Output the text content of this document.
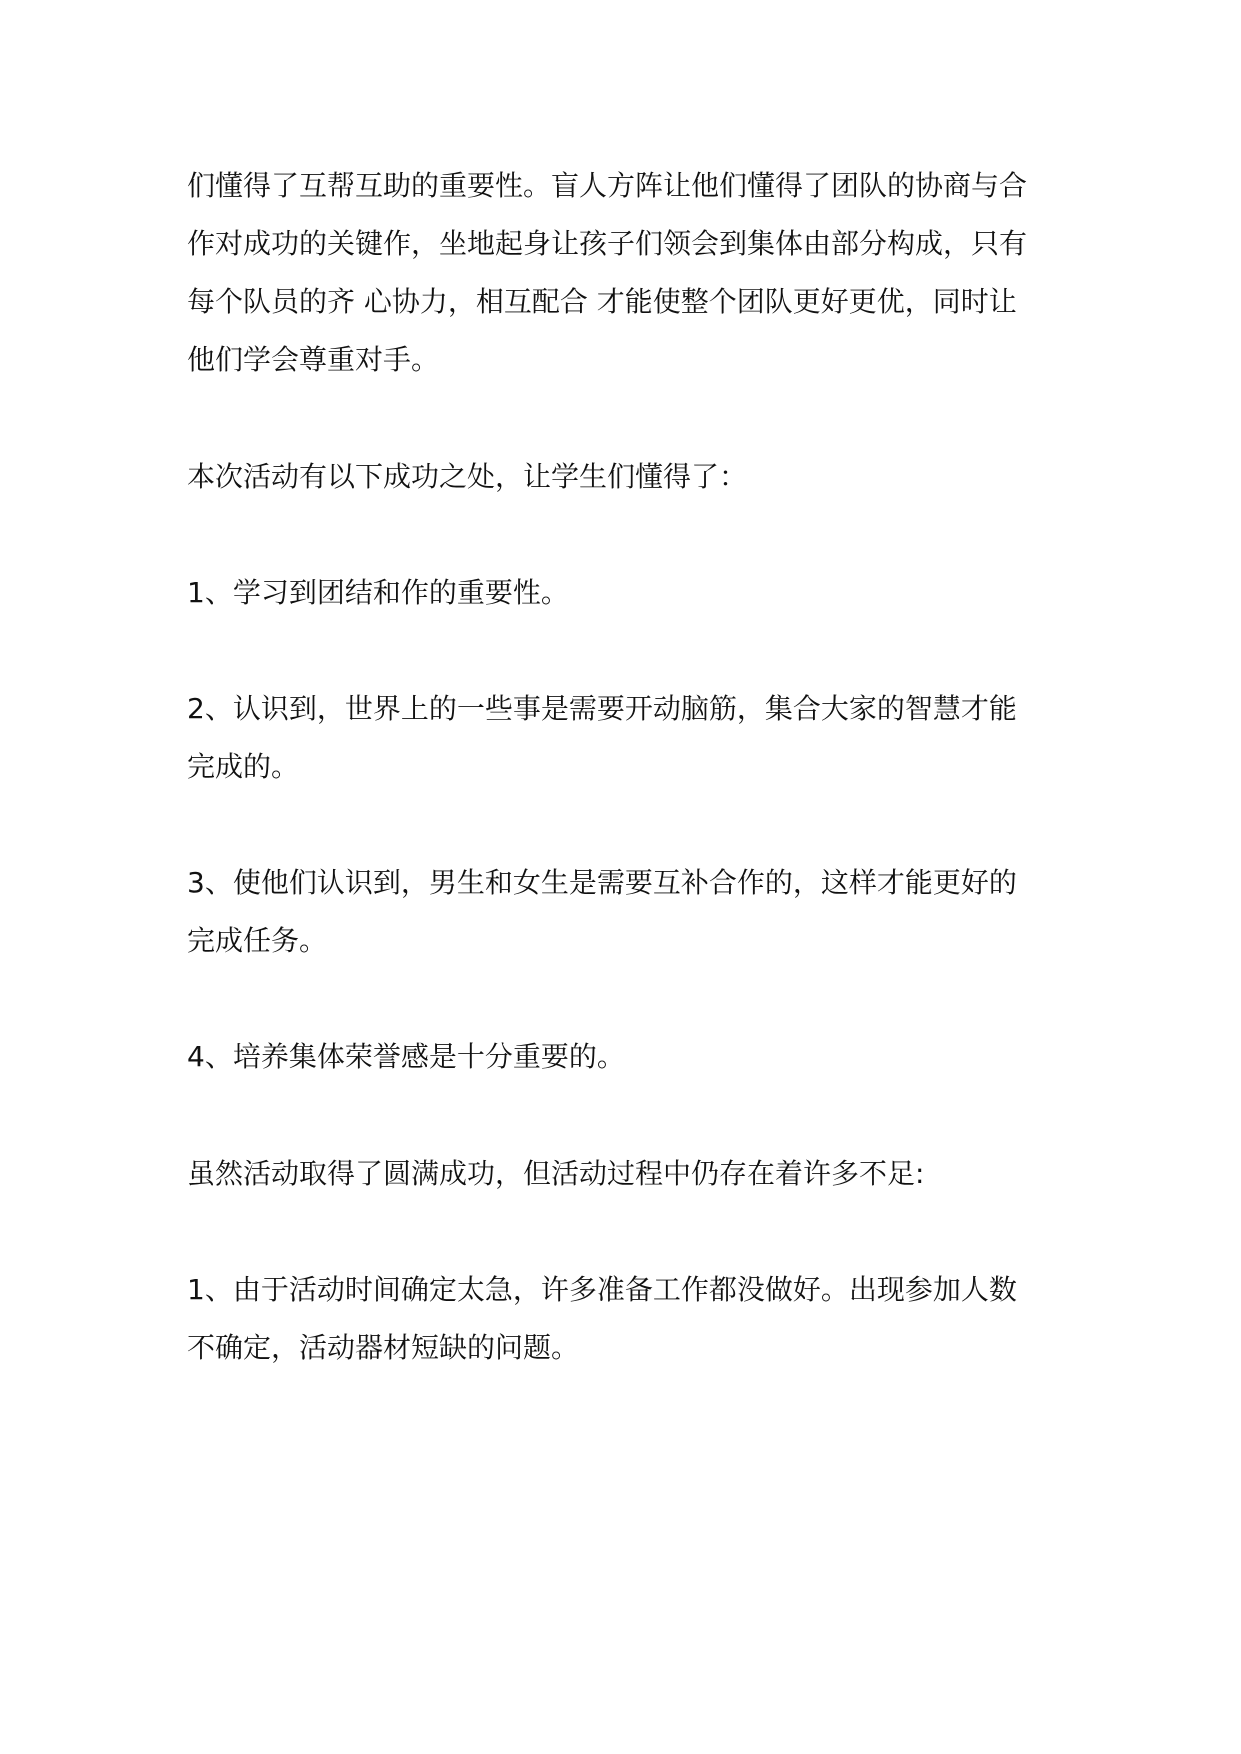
们懂得了互帮互助的重要性。盲人方阵让他们懂得了团队的协商与合
作对成功的关键作，坐地起身让孩子们领会到集体由部分构成，只有
每个队员的齐 心协力，相互配合 才能使整个团队更好更优，同时让
他们学会尊重对手。
本次活动有以下成功之处，让学生们懂得了：
1、学习到团结和作的重要性。
2、认识到，世界上的一些事是需要开动脑筋，集合大家的智慧才能
完成的。
3、使他们认识到，男生和女生是需要互补合作的，这样才能更好的
完成任务。
4、培养集体荣誉感是十分重要的。
虽然活动取得了圆满成功，但活动过程中仍存在着许多不足:
1、由于活动时间确定太急，许多准备工作都没做好。出现参加人数
不确定，活动器材短缺的问题。
